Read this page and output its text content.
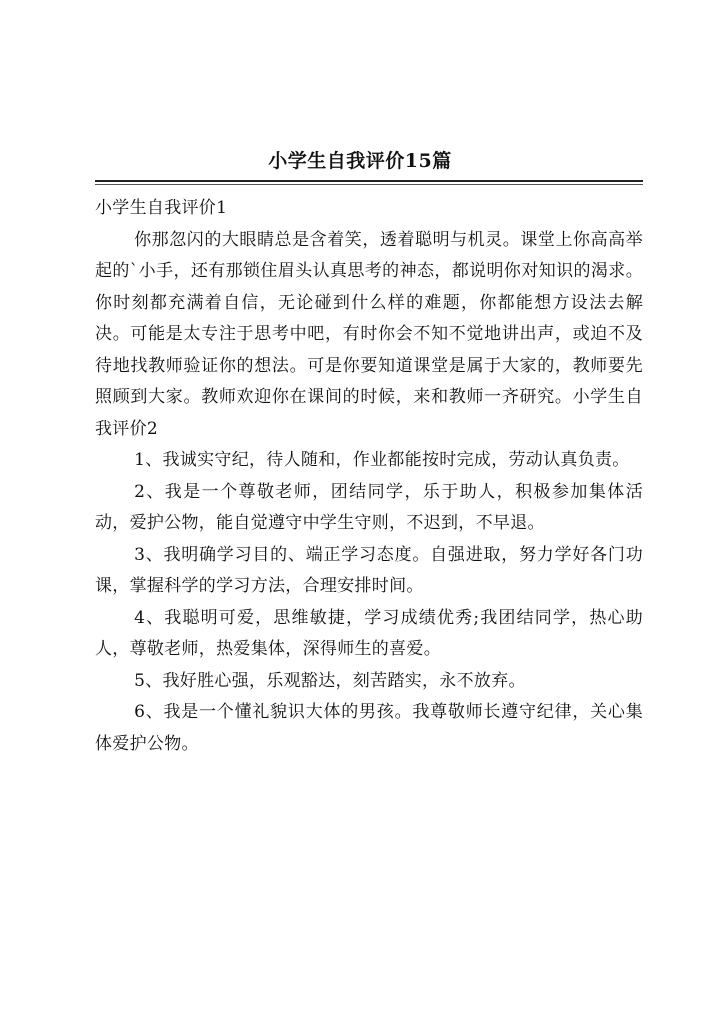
小学生自我评价15篇

小学生自我评价1

你那忽闪的大眼睛总是含着笑，透着聪明与机灵。课堂上你高高举起的`小手，还有那锁住眉头认真思考的神态，都说明你对知识的渴求。你时刻都充满着自信，无论碰到什么样的难题，你都能想方设法去解决。可能是太专注于思考中吧，有时你会不知不觉地讲出声，或迫不及待地找教师验证你的想法。可是你要知道课堂是属于大家的，教师要先照顾到大家。教师欢迎你在课间的时候，来和教师一齐研究。小学生自我评价2

1、我诚实守纪，待人随和，作业都能按时完成，劳动认真负责。

2、我是一个尊敬老师，团结同学，乐于助人，积极参加集体活动，爱护公物，能自觉遵守中学生守则，不迟到，不早退。

3、我明确学习目的、端正学习态度。自强进取，努力学好各门功课，掌握科学的学习方法，合理安排时间。

4、我聪明可爱，思维敏捷，学习成绩优秀;我团结同学，热心助人，尊敬老师，热爱集体，深得师生的喜爱。

5、我好胜心强，乐观豁达，刻苦踏实，永不放弃。

6、我是一个懂礼貌识大体的男孩。我尊敬师长遵守纪律，关心集体爱护公物。
